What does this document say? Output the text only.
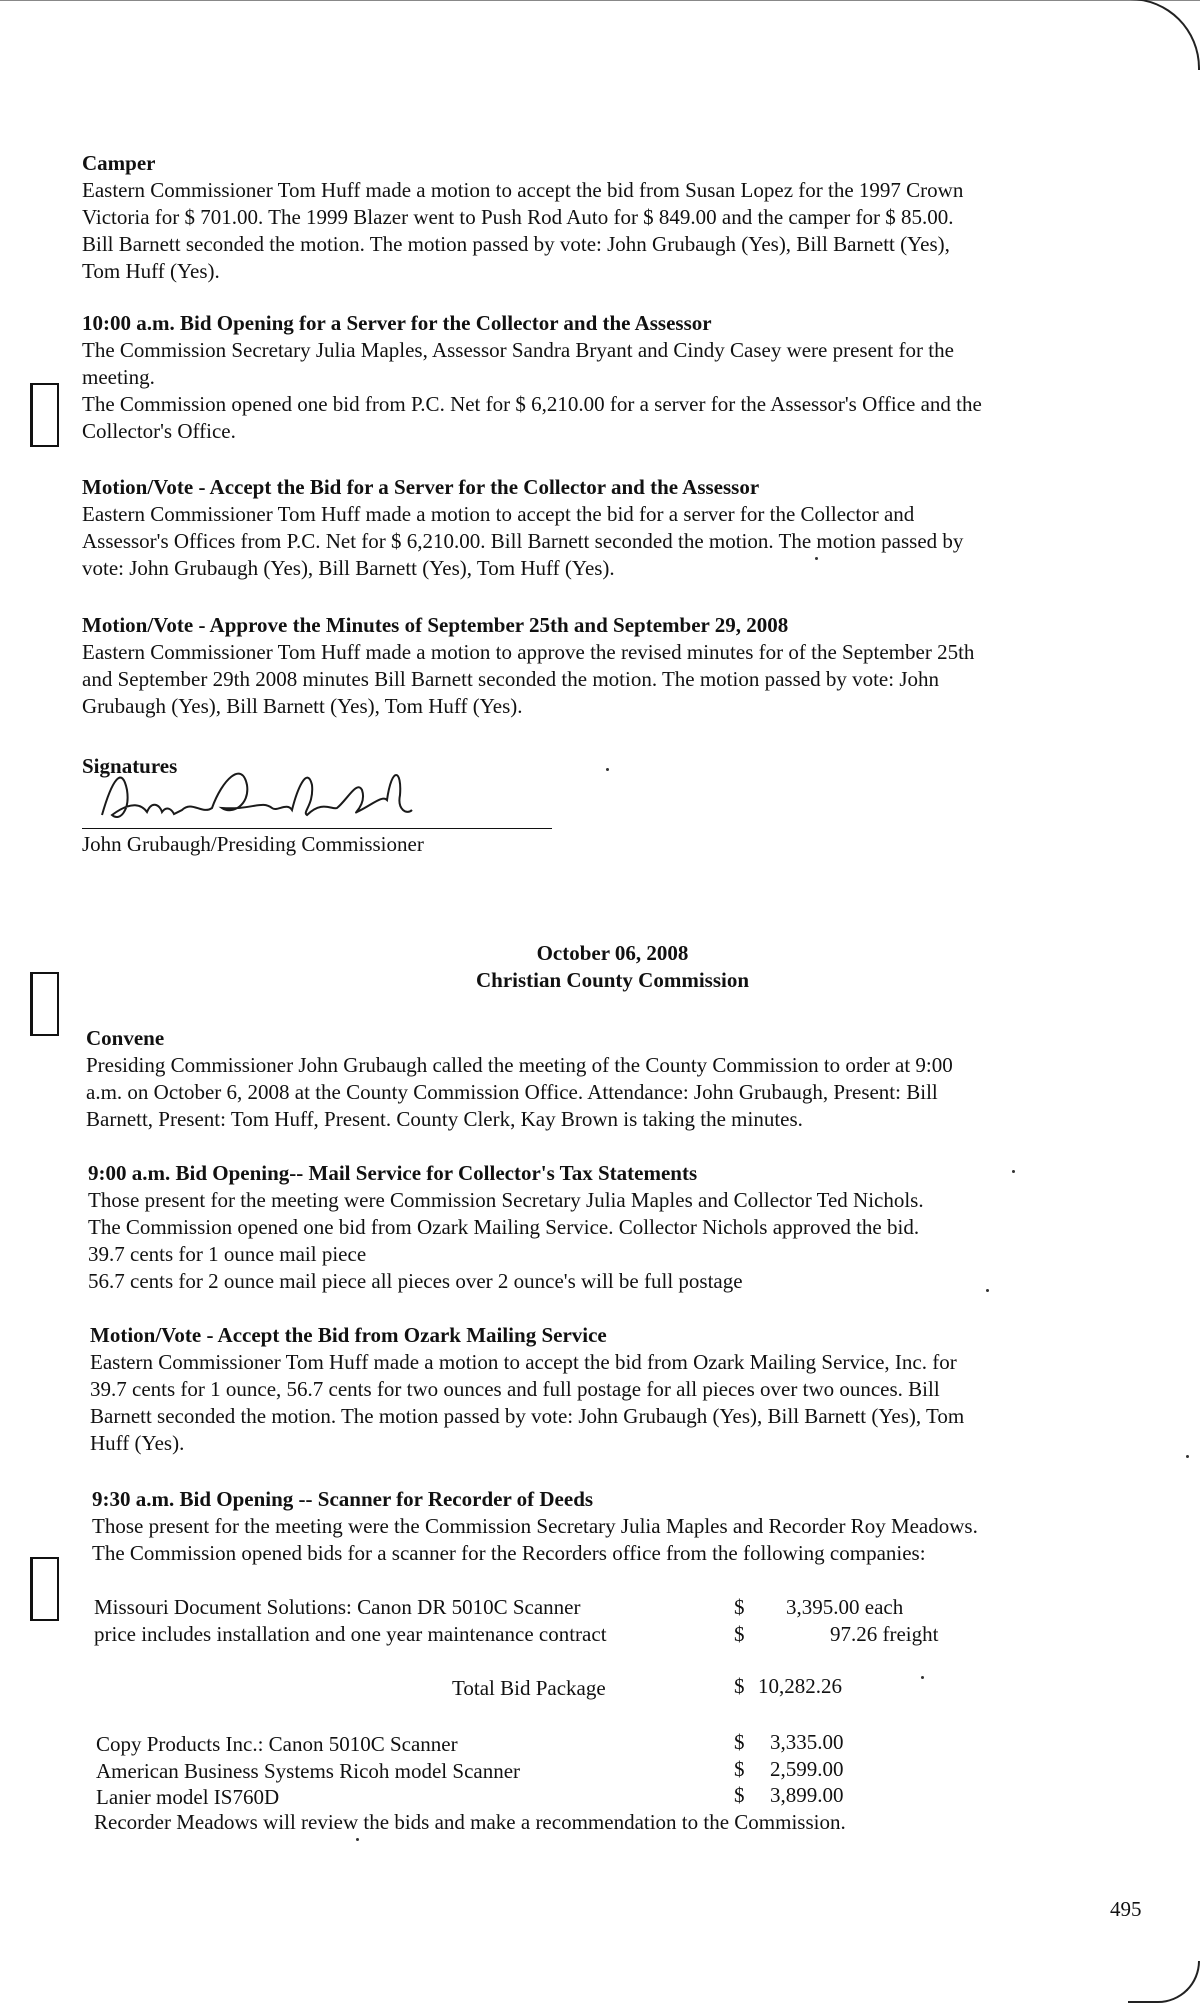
Camper
Eastern Commissioner Tom Huff made a motion to accept the bid from Susan Lopez for the 1997 Crown
Victoria for $ 701.00. The 1999 Blazer went to Push Rod Auto for $ 849.00 and the camper for $ 85.00.
Bill Barnett seconded the motion. The motion passed by vote: John Grubaugh (Yes), Bill Barnett (Yes),
Tom Huff (Yes).
10:00 a.m. Bid Opening for a Server for the Collector and the Assessor
The Commission Secretary Julia Maples, Assessor Sandra Bryant and Cindy Casey were present for the
meeting.
The Commission opened one bid from P.C. Net for $ 6,210.00 for a server for the Assessor's Office and the
Collector's Office.
Motion/Vote - Accept the Bid for a Server for the Collector and the Assessor
Eastern Commissioner Tom Huff made a motion to accept the bid for a server for the Collector and
Assessor's Offices from P.C. Net for $ 6,210.00. Bill Barnett seconded the motion. The motion passed by
vote: John Grubaugh (Yes), Bill Barnett (Yes), Tom Huff (Yes).
Motion/Vote - Approve the Minutes of September 25th and September 29, 2008
Eastern Commissioner Tom Huff made a motion to approve the revised minutes for of the September 25th
and September 29th 2008 minutes Bill Barnett seconded the motion. The motion passed by vote: John
Grubaugh (Yes), Bill Barnett (Yes), Tom Huff (Yes).
Signatures
John Grubaugh/Presiding Commissioner
October 06, 2008
Christian County Commission
Convene
Presiding Commissioner John Grubaugh called the meeting of the County Commission to order at 9:00
a.m. on October 6, 2008 at the County Commission Office. Attendance: John Grubaugh, Present: Bill
Barnett, Present: Tom Huff, Present. County Clerk, Kay Brown is taking the minutes.
9:00 a.m. Bid Opening-- Mail Service for Collector's Tax Statements
Those present for the meeting were Commission Secretary Julia Maples and Collector Ted Nichols.
The Commission opened one bid from Ozark Mailing Service. Collector Nichols approved the bid.
39.7 cents for 1 ounce mail piece
56.7 cents for 2 ounce mail piece all pieces over 2 ounce's will be full postage
Motion/Vote - Accept the Bid from Ozark Mailing Service
Eastern Commissioner Tom Huff made a motion to accept the bid from Ozark Mailing Service, Inc. for
39.7 cents for 1 ounce, 56.7 cents for two ounces and full postage for all pieces over two ounces. Bill
Barnett seconded the motion. The motion passed by vote: John Grubaugh (Yes), Bill Barnett (Yes), Tom
Huff (Yes).
9:30 a.m. Bid Opening -- Scanner for Recorder of Deeds
Those present for the meeting were the Commission Secretary Julia Maples and Recorder Roy Meadows.
The Commission opened bids for a scanner for the Recorders office from the following companies:
Missouri Document Solutions: Canon DR 5010C Scanner	$ 3,395.00 each
price includes installation and one year maintenance contract	$	97.26 freight
Total Bid Package	$ 10,282.26
Copy Products Inc.: Canon 5010C Scanner	$ 3,335.00
American Business Systems Ricoh model Scanner	$ 2,599.00
Lanier model IS760D	$ 3,899.00
Recorder Meadows will review the bids and make a recommendation to the Commission.
495
